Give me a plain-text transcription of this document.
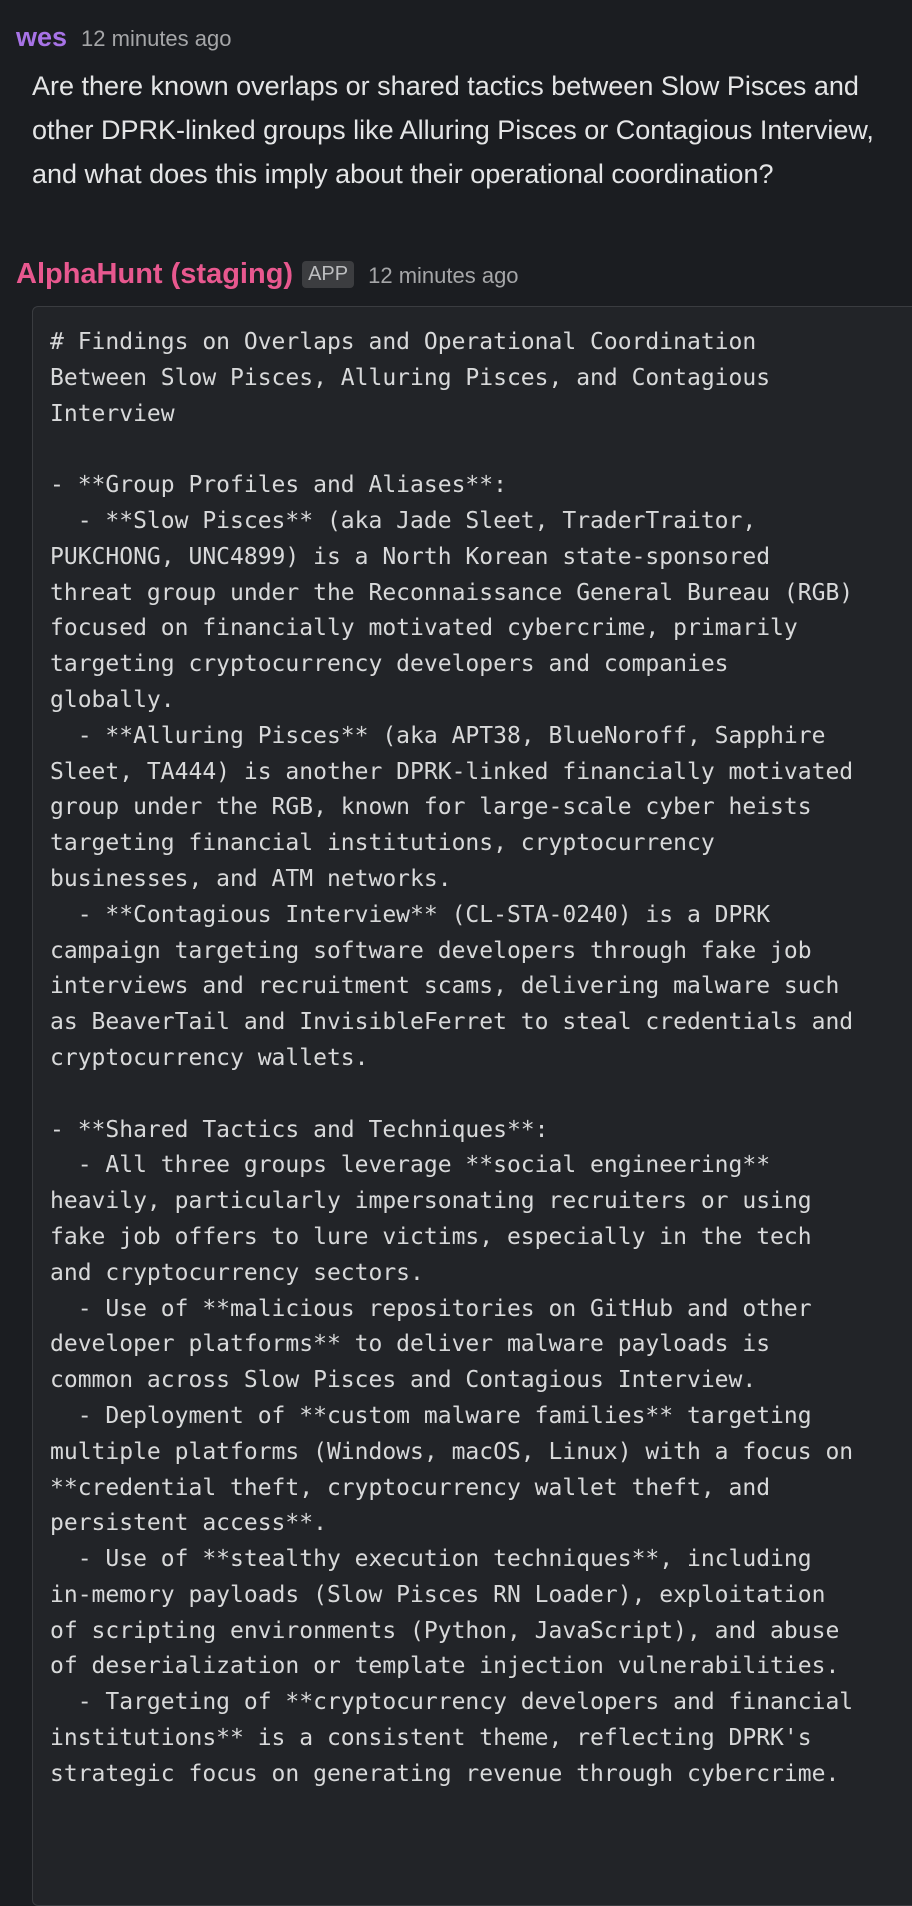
wes 12 minutes ago

Are there known overlaps or shared tactics between Slow Pisces and other DPRK-linked groups like Alluring Pisces or Contagious Interview, and what does this imply about their operational coordination?

AlphaHunt (staging) APP 12 minutes ago
# Findings on Overlaps and Operational Coordination
Between Slow Pisces, Alluring Pisces, and Contagious
Interview

- **Group Profiles and Aliases**:
- **Slow Pisces** (aka Jade Sleet, TraderTraitor,
PUKCHONG, UNC4899) is a North Korean state-sponsored
threat group under the Reconnaissance General Bureau (RGB)
focused on financially motivated cybercrime, primarily
targeting cryptocurrency developers and companies
globally.
- **Alluring Pisces** (aka APT38, BlueNoroff, Sapphire
Sleet, TA444) is another DPRK-linked financially motivated
group under the RGB, known for large-scale cyber heists
targeting financial institutions, cryptocurrency
businesses, and ATM networks.
- **Contagious Interview** (CL-STA-0240) is a DPRK
campaign targeting software developers through fake job
interviews and recruitment scams, delivering malware such
as BeaverTail and InvisibleFerret to steal credentials and
cryptocurrency wallets.

- **Shared Tactics and Techniques**:
- All three groups leverage **social engineering**
heavily, particularly impersonating recruiters or using
fake job offers to lure victims, especially in the tech
and cryptocurrency sectors.
- Use of **malicious repositories on GitHub and other
developer platforms** to deliver malware payloads is
common across Slow Pisces and Contagious Interview.
- Deployment of **custom malware families** targeting
multiple platforms (Windows, macOS, Linux) with a focus on
**credential theft, cryptocurrency wallet theft, and
persistent access**.
- Use of **stealthy execution techniques**, including
in-memory payloads (Slow Pisces RN Loader), exploitation
of scripting environments (Python, JavaScript), and abuse
of deserialization or template injection vulnerabilities.
- Targeting of **cryptocurrency developers and financial
institutions** is a consistent theme, reflecting DPRK's
strategic focus on generating revenue through cybercrime.
